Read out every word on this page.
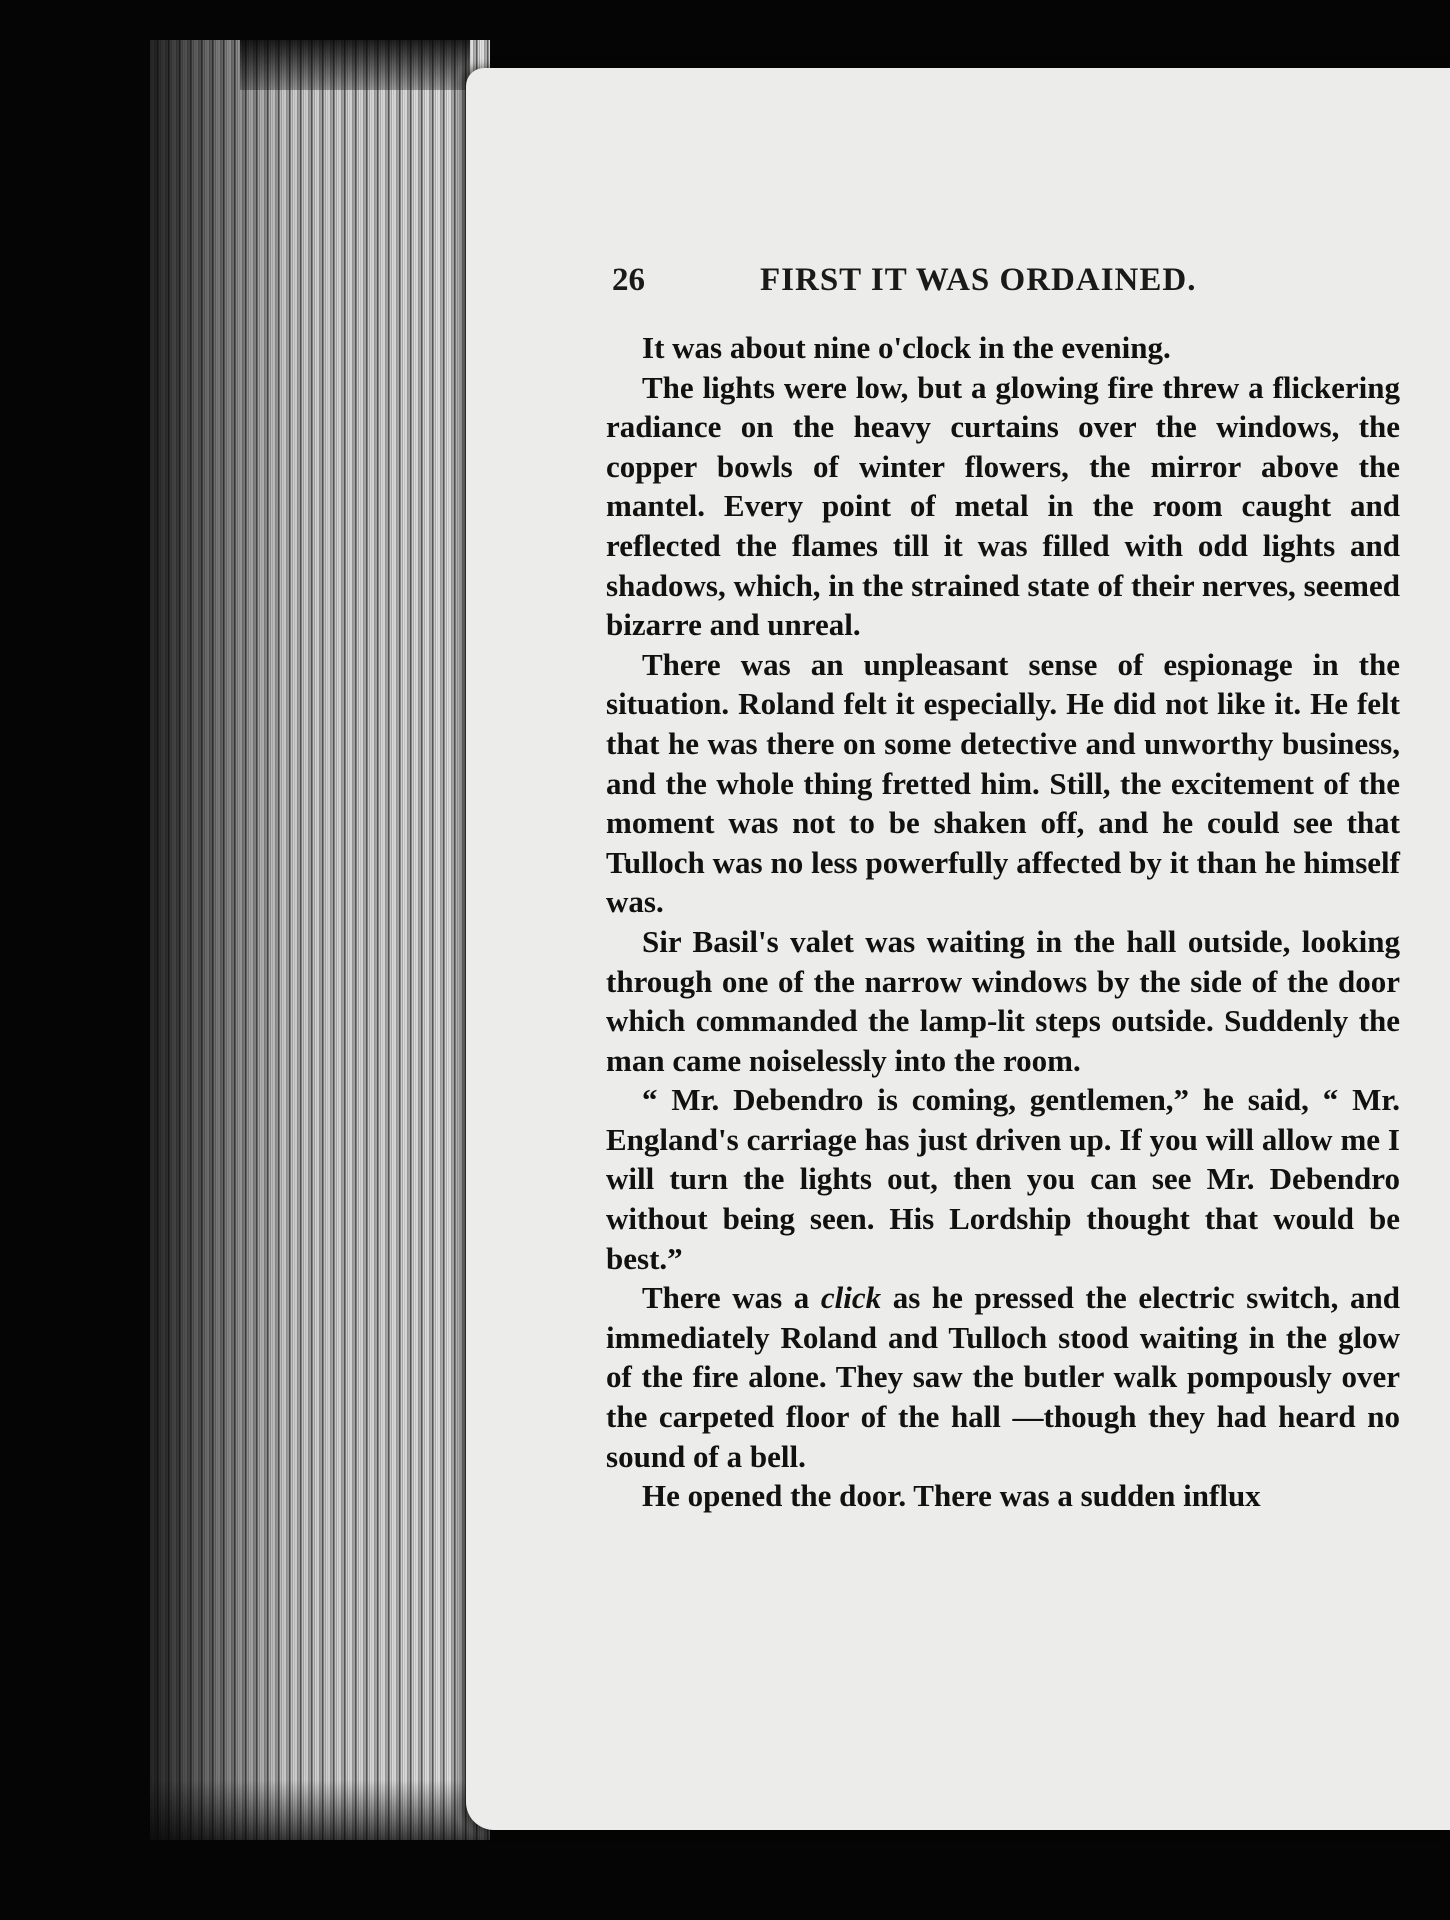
26	FIRST IT WAS ORDAINED.

It was about nine o'clock in the evening.

The lights were low, but a glowing fire threw a flickering radiance on the heavy curtains over the windows, the copper bowls of winter flowers, the mirror above the mantel. Every point of metal in the room caught and reflected the flames till it was filled with odd lights and shadows, which, in the strained state of their nerves, seemed bizarre and unreal.

There was an unpleasant sense of espionage in the situation. Roland felt it especially. He did not like it. He felt that he was there on some detective and unworthy business, and the whole thing fretted him. Still, the excitement of the moment was not to be shaken off, and he could see that Tulloch was no less powerfully affected by it than he himself was.

Sir Basil's valet was waiting in the hall outside, looking through one of the narrow windows by the side of the door which commanded the lamp-lit steps outside. Suddenly the man came noiselessly into the room.

“ Mr. Debendro is coming, gentlemen,” he said, “ Mr. England's carriage has just driven up. If you will allow me I will turn the lights out, then you can see Mr. Debendro without being seen. His Lordship thought that would be best.”

There was a click as he pressed the electric switch, and immediately Roland and Tulloch stood waiting in the glow of the fire alone. They saw the butler walk pompously over the carpeted floor of the hall —though they had heard no sound of a bell.

He opened the door. There was a sudden influx
